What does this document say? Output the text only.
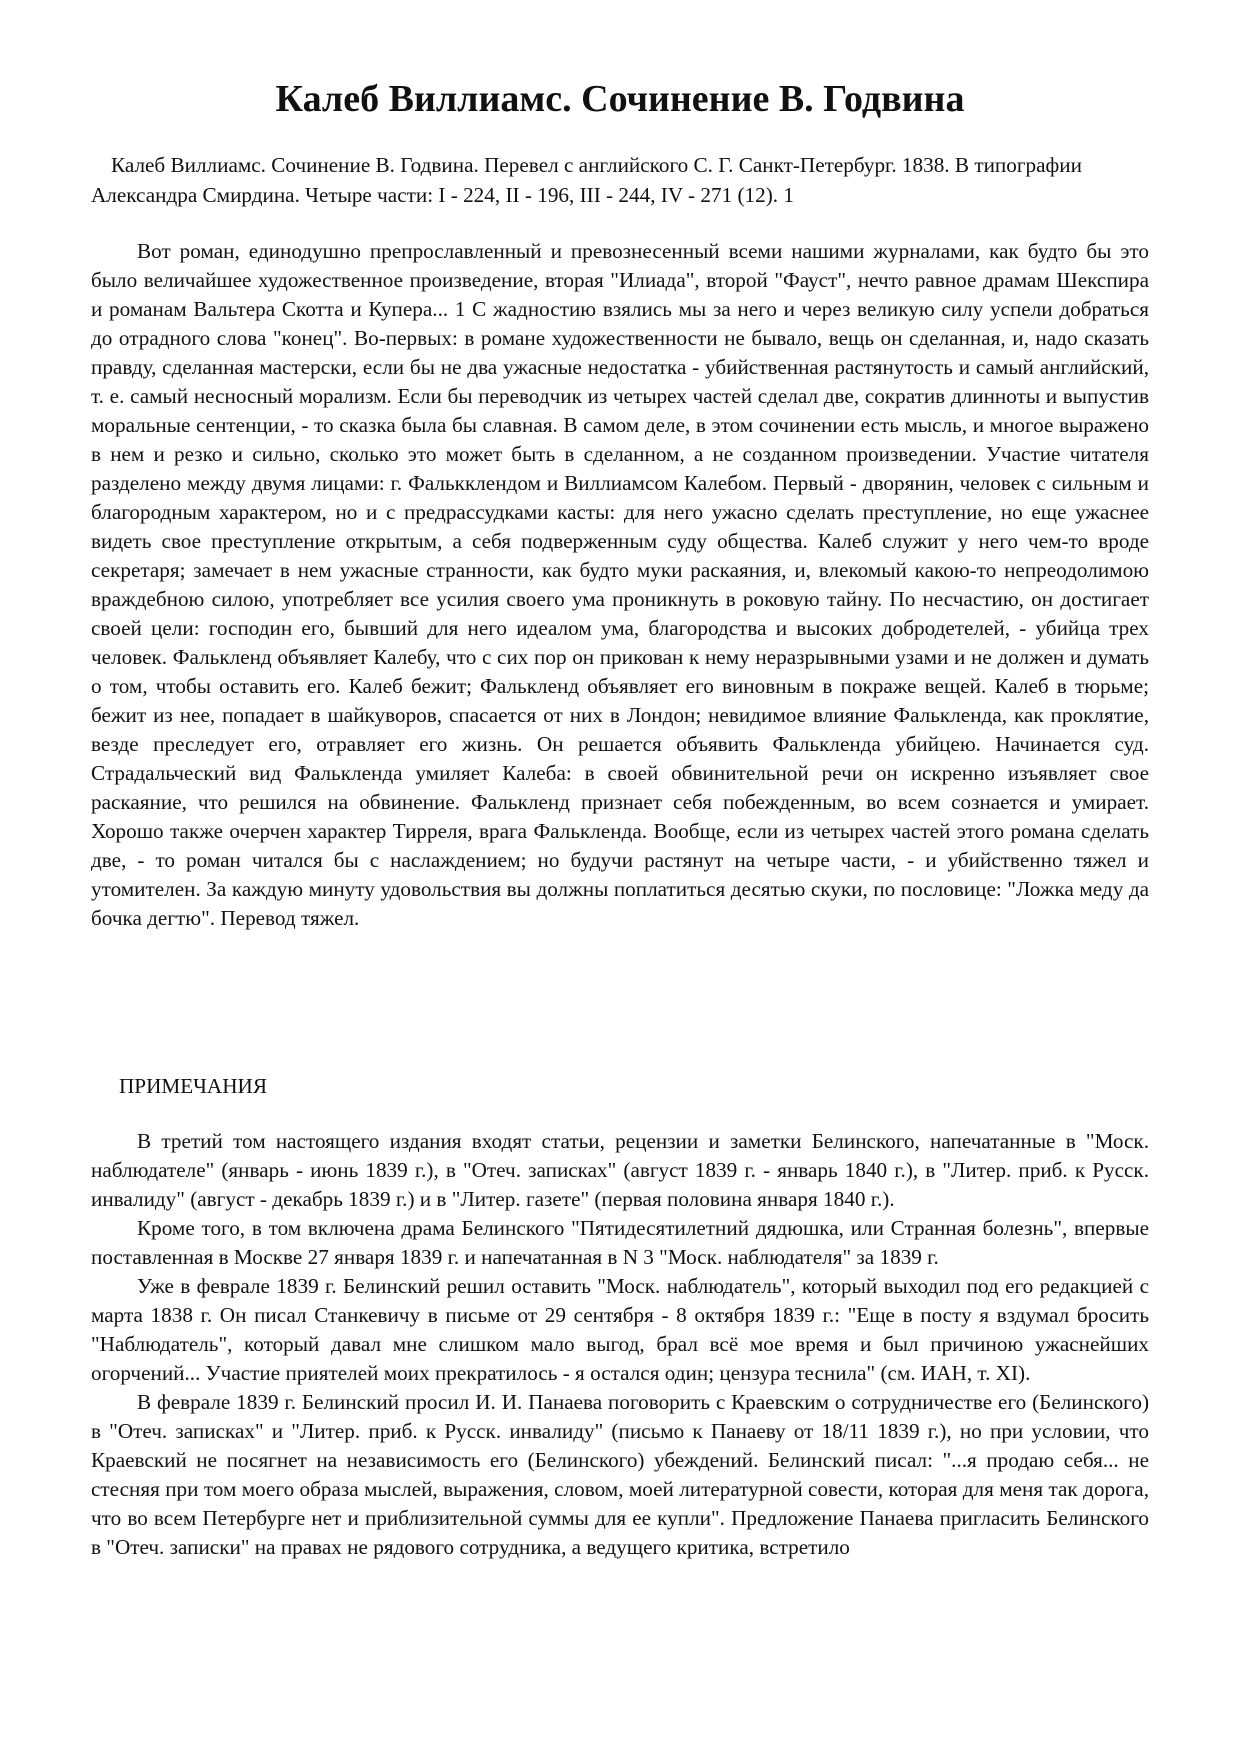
Калеб Виллиамс. Сочинение В. Годвина

Калеб Виллиамс. Сочинение В. Годвина. Перевел с английского С. Г. Санкт-Петербург. 1838. В типографии Александра Смирдина. Четыре части: I - 224, II - 196, III - 244, IV - 271 (12). 1

Вот роман, единодушно препрославленный и превознесенный всеми нашими журналами, как будто бы это было величайшее художественное произведение, вторая "Илиада", второй "Фауст", нечто равное драмам Шекспира и романам Вальтера Скотта и Купера... 1 С жадностию взялись мы за него и через великую силу успели добраться до отрадного слова "конец". Во-первых: в романе художественности не бывало, вещь он сделанная, и, надо сказать правду, сделанная мастерски, если бы не два ужасные недостатка - убийственная растянутость и самый английский, т. е. самый несносный морализм. Если бы переводчик из четырех частей сделал две, сократив длинноты и выпустив моральные сентенции, - то сказка была бы славная. В самом деле, в этом сочинении есть мысль, и многое выражено в нем и резко и сильно, сколько это может быть в сделанном, а не созданном произведении. Участие читателя разделено между двумя лицами: г. Фалькклендом и Виллиамсом Калебом. Первый - дворянин, человек с сильным и благородным характером, но и с предрассудками касты: для него ужасно сделать преступление, но еще ужаснее видеть свое преступление открытым, а себя подверженным суду общества. Калеб служит у него чем-то вроде секретаря; замечает в нем ужасные странности, как будто муки раскаяния, и, влекомый какою-то непреодолимою враждебною силою, употребляет все усилия своего ума проникнуть в роковую тайну. По несчастию, он достигает своей цели: господин его, бывший для него идеалом ума, благородства и высоких добродетелей, - убийца трех человек. Фалькленд объявляет Калебу, что с сих пор он прикован к нему неразрывными узами и не должен и думать о том, чтобы оставить его. Калеб бежит; Фалькленд объявляет его виновным в покраже вещей. Калеб в тюрьме; бежит из нее, попадает в шайкуворов, спасается от них в Лондон; невидимое влияние Фалькленда, как проклятие, везде преследует его, отравляет его жизнь. Он решается объявить Фалькленда убийцею. Начинается суд. Страдальческий вид Фалькленда умиляет Калеба: в своей обвинительной речи он искренно изъявляет свое раскаяние, что решился на обвинение. Фалькленд признает себя побежденным, во всем сознается и умирает. Хорошо также очерчен характер Тирреля, врага Фалькленда. Вообще, если из четырех частей этого романа сделать две, - то роман читался бы с наслаждением; но будучи растянут на четыре части, - и убийственно тяжел и утомителен. За каждую минуту удовольствия вы должны поплатиться десятью скуки, по пословице: "Ложка меду да бочка дегтю". Перевод тяжел.

ПРИМЕЧАНИЯ

В третий том настоящего издания входят статьи, рецензии и заметки Белинского, напечатанные в "Моск. наблюдателе" (январь - июнь 1839 г.), в "Отеч. записках" (август 1839 г. - январь 1840 г.), в "Литер. приб. к Русск. инвалиду" (август - декабрь 1839 г.) и в "Литер. газете" (первая половина января 1840 г.).

Кроме того, в том включена драма Белинского "Пятидесятилетний дядюшка, или Странная болезнь", впервые поставленная в Москве 27 января 1839 г. и напечатанная в N 3 "Моск. наблюдателя" за 1839 г.

Уже в феврале 1839 г. Белинский решил оставить "Моск. наблюдатель", который выходил под его редакцией с марта 1838 г. Он писал Станкевичу в письме от 29 сентября - 8 октября 1839 г.: "Еще в посту я вздумал бросить "Наблюдатель", который давал мне слишком мало выгод, брал всё мое время и был причиною ужаснейших огорчений... Участие приятелей моих прекратилось - я остался один; цензура теснила" (см. ИАН, т. XI).

В феврале 1839 г. Белинский просил И. И. Панаева поговорить с Краевским о сотрудничестве его (Белинского) в "Отеч. записках" и "Литер. приб. к Русск. инвалиду" (письмо к Панаеву от 18/11 1839 г.), но при условии, что Краевский не посягнет на независимость его (Белинского) убеждений. Белинский писал: "...я продаю себя... не стесняя при том моего образа мыслей, выражения, словом, моей литературной совести, которая для меня так дорога, что во всем Петербурге нет и приблизительной суммы для ее купли". Предложение Панаева пригласить Белинского в "Отеч. записки" на правах не рядового сотрудника, а ведущего критика, встретило
